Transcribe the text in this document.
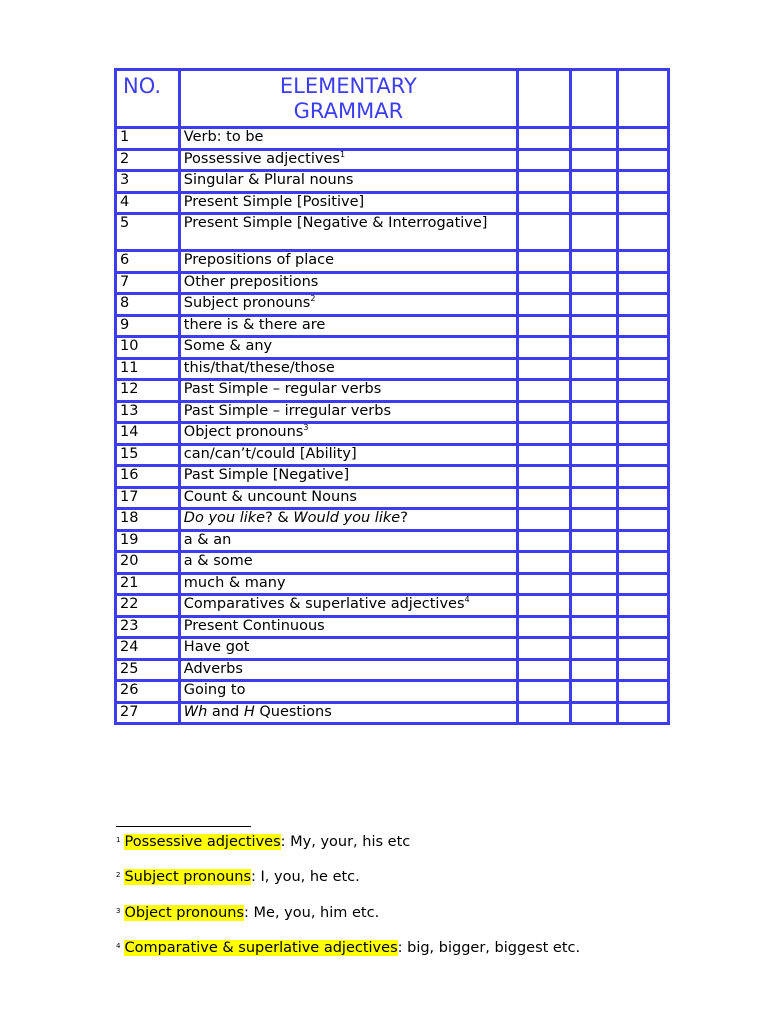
NO.	ELEMENTARY
GRAMMAR			

1	Verb: to be			
2	Possessive adjectives$^1$			
3	Singular & Plural nouns			
4	Present Simple [Positive]			
5	Present Simple [Negative & Interrogative]			
6	Prepositions of place			
7	Other prepositions			
8	Subject pronouns$^2$			
9	there is & there are			
10	Some & any			
11	this/that/these/those			
12	Past Simple – regular verbs			
13	Past Simple – irregular verbs			
14	Object pronouns$^3$			
15	can/can’t/could [Ability]			
16	Past Simple [Negative]			
17	Count & uncount Nouns			
18	Do you like? & Would you like?			
19	a & an			
20	a & some			
21	much & many			
22	Comparatives & superlative adjectives$^4$			
23	Present Continuous			
24	Have got			
25	Adverbs			
26	Going to			
27	Wh and H Questions			
$^1$ Possessive adjectives: My, your, his etc
$^2$ Subject pronouns: I, you, he etc.
$^3$ Object pronouns: Me, you, him etc.
$^4$ Comparative & superlative adjectives: big, bigger, biggest etc.
